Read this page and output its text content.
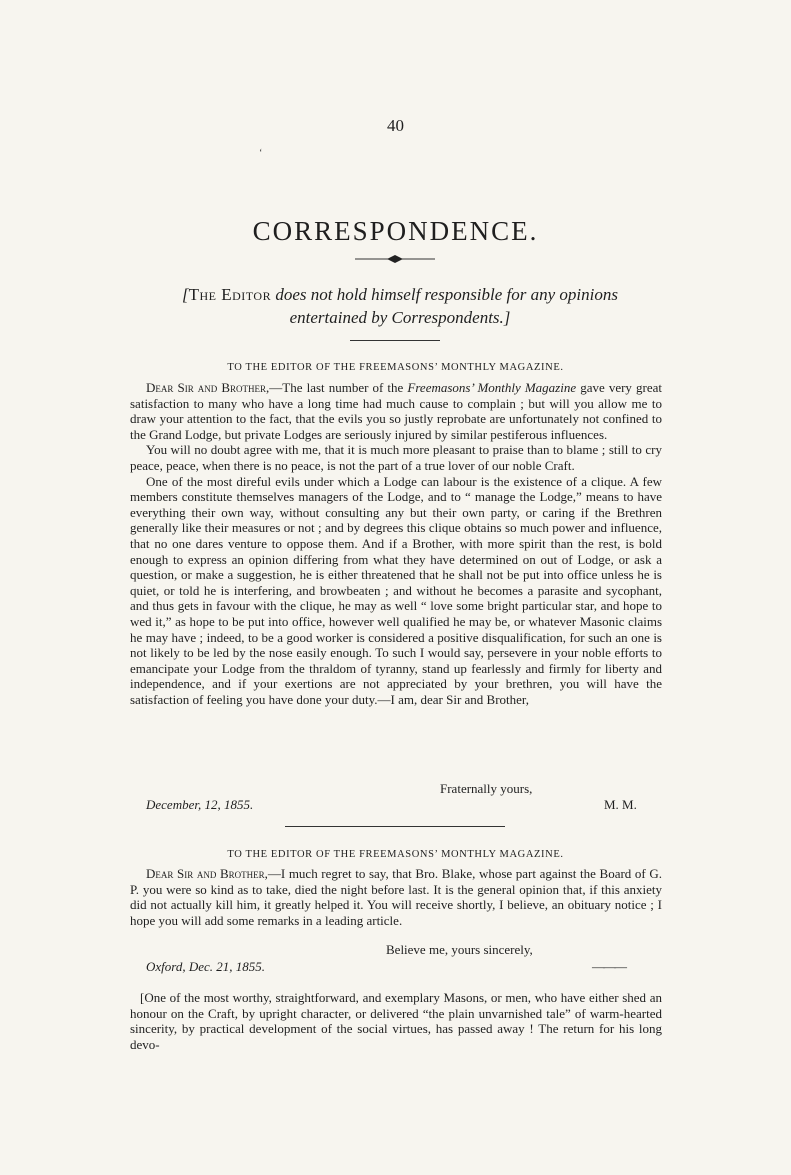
40
‘
CORRESPONDENCE.
[The Editor does not hold himself responsible for any opinions
entertained by Correspondents.]
TO THE EDITOR OF THE FREEMASONS’ MONTHLY MAGAZINE.

Dear Sir and Brother,—The last number of the Freemasons’ Monthly Magazine gave very great satisfaction to many who have a long time had much cause to complain ; but will you allow me to draw your attention to the fact, that the evils you so justly reprobate are unfortunately not confined to the Grand Lodge, but private Lodges are seriously injured by similar pestiferous influences.

You will no doubt agree with me, that it is much more pleasant to praise than to blame ; still to cry peace, peace, when there is no peace, is not the part of a true lover of our noble Craft.

One of the most direful evils under which a Lodge can labour is the existence of a clique. A few members constitute themselves managers of the Lodge, and to “ manage the Lodge,” means to have everything their own way, without consulting any but their own party, or caring if the Brethren generally like their measures or not ; and by degrees this clique obtains so much power and influence, that no one dares venture to oppose them. And if a Brother, with more spirit than the rest, is bold enough to express an opinion differing from what they have determined on out of Lodge, or ask a question, or make a suggestion, he is either threatened that he shall not be put into office unless he is quiet, or told he is interfering, and browbeaten ; and without he becomes a parasite and sycophant, and thus gets in favour with the clique, he may as well “ love some bright particular star, and hope to wed it,” as hope to be put into office, however well qualified he may be, or whatever Masonic claims he may have ; indeed, to be a good worker is considered a positive disqualification, for such an one is not likely to be led by the nose easily enough. To such I would say, persevere in your noble efforts to emancipate your Lodge from the thraldom of tyranny, stand up fearlessly and firmly for liberty and independence, and if your exertions are not appreciated by your brethren, you will have the satisfaction of feeling you have done your duty.—I am, dear Sir and Brother,

Fraternally yours,
December, 12, 1855.	M. M.
TO THE EDITOR OF THE FREEMASONS’ MONTHLY MAGAZINE.

Dear Sir and Brother,—I much regret to say, that Bro. Blake, whose part against the Board of G. P. you were so kind as to take, died the night before last. It is the general opinion that, if this anxiety did not actually kill him, it greatly helped it. You will receive shortly, I believe, an obituary notice ; I hope you will add some remarks in a leading article.

Believe me, yours sincerely,
Oxford, Dec. 21, 1855.	———

[One of the most worthy, straightforward, and exemplary Masons, or men, who have either shed an honour on the Craft, by upright character, or delivered “the plain unvarnished tale” of warm-hearted sincerity, by practical development of the social virtues, has passed away ! The return for his long devo-
